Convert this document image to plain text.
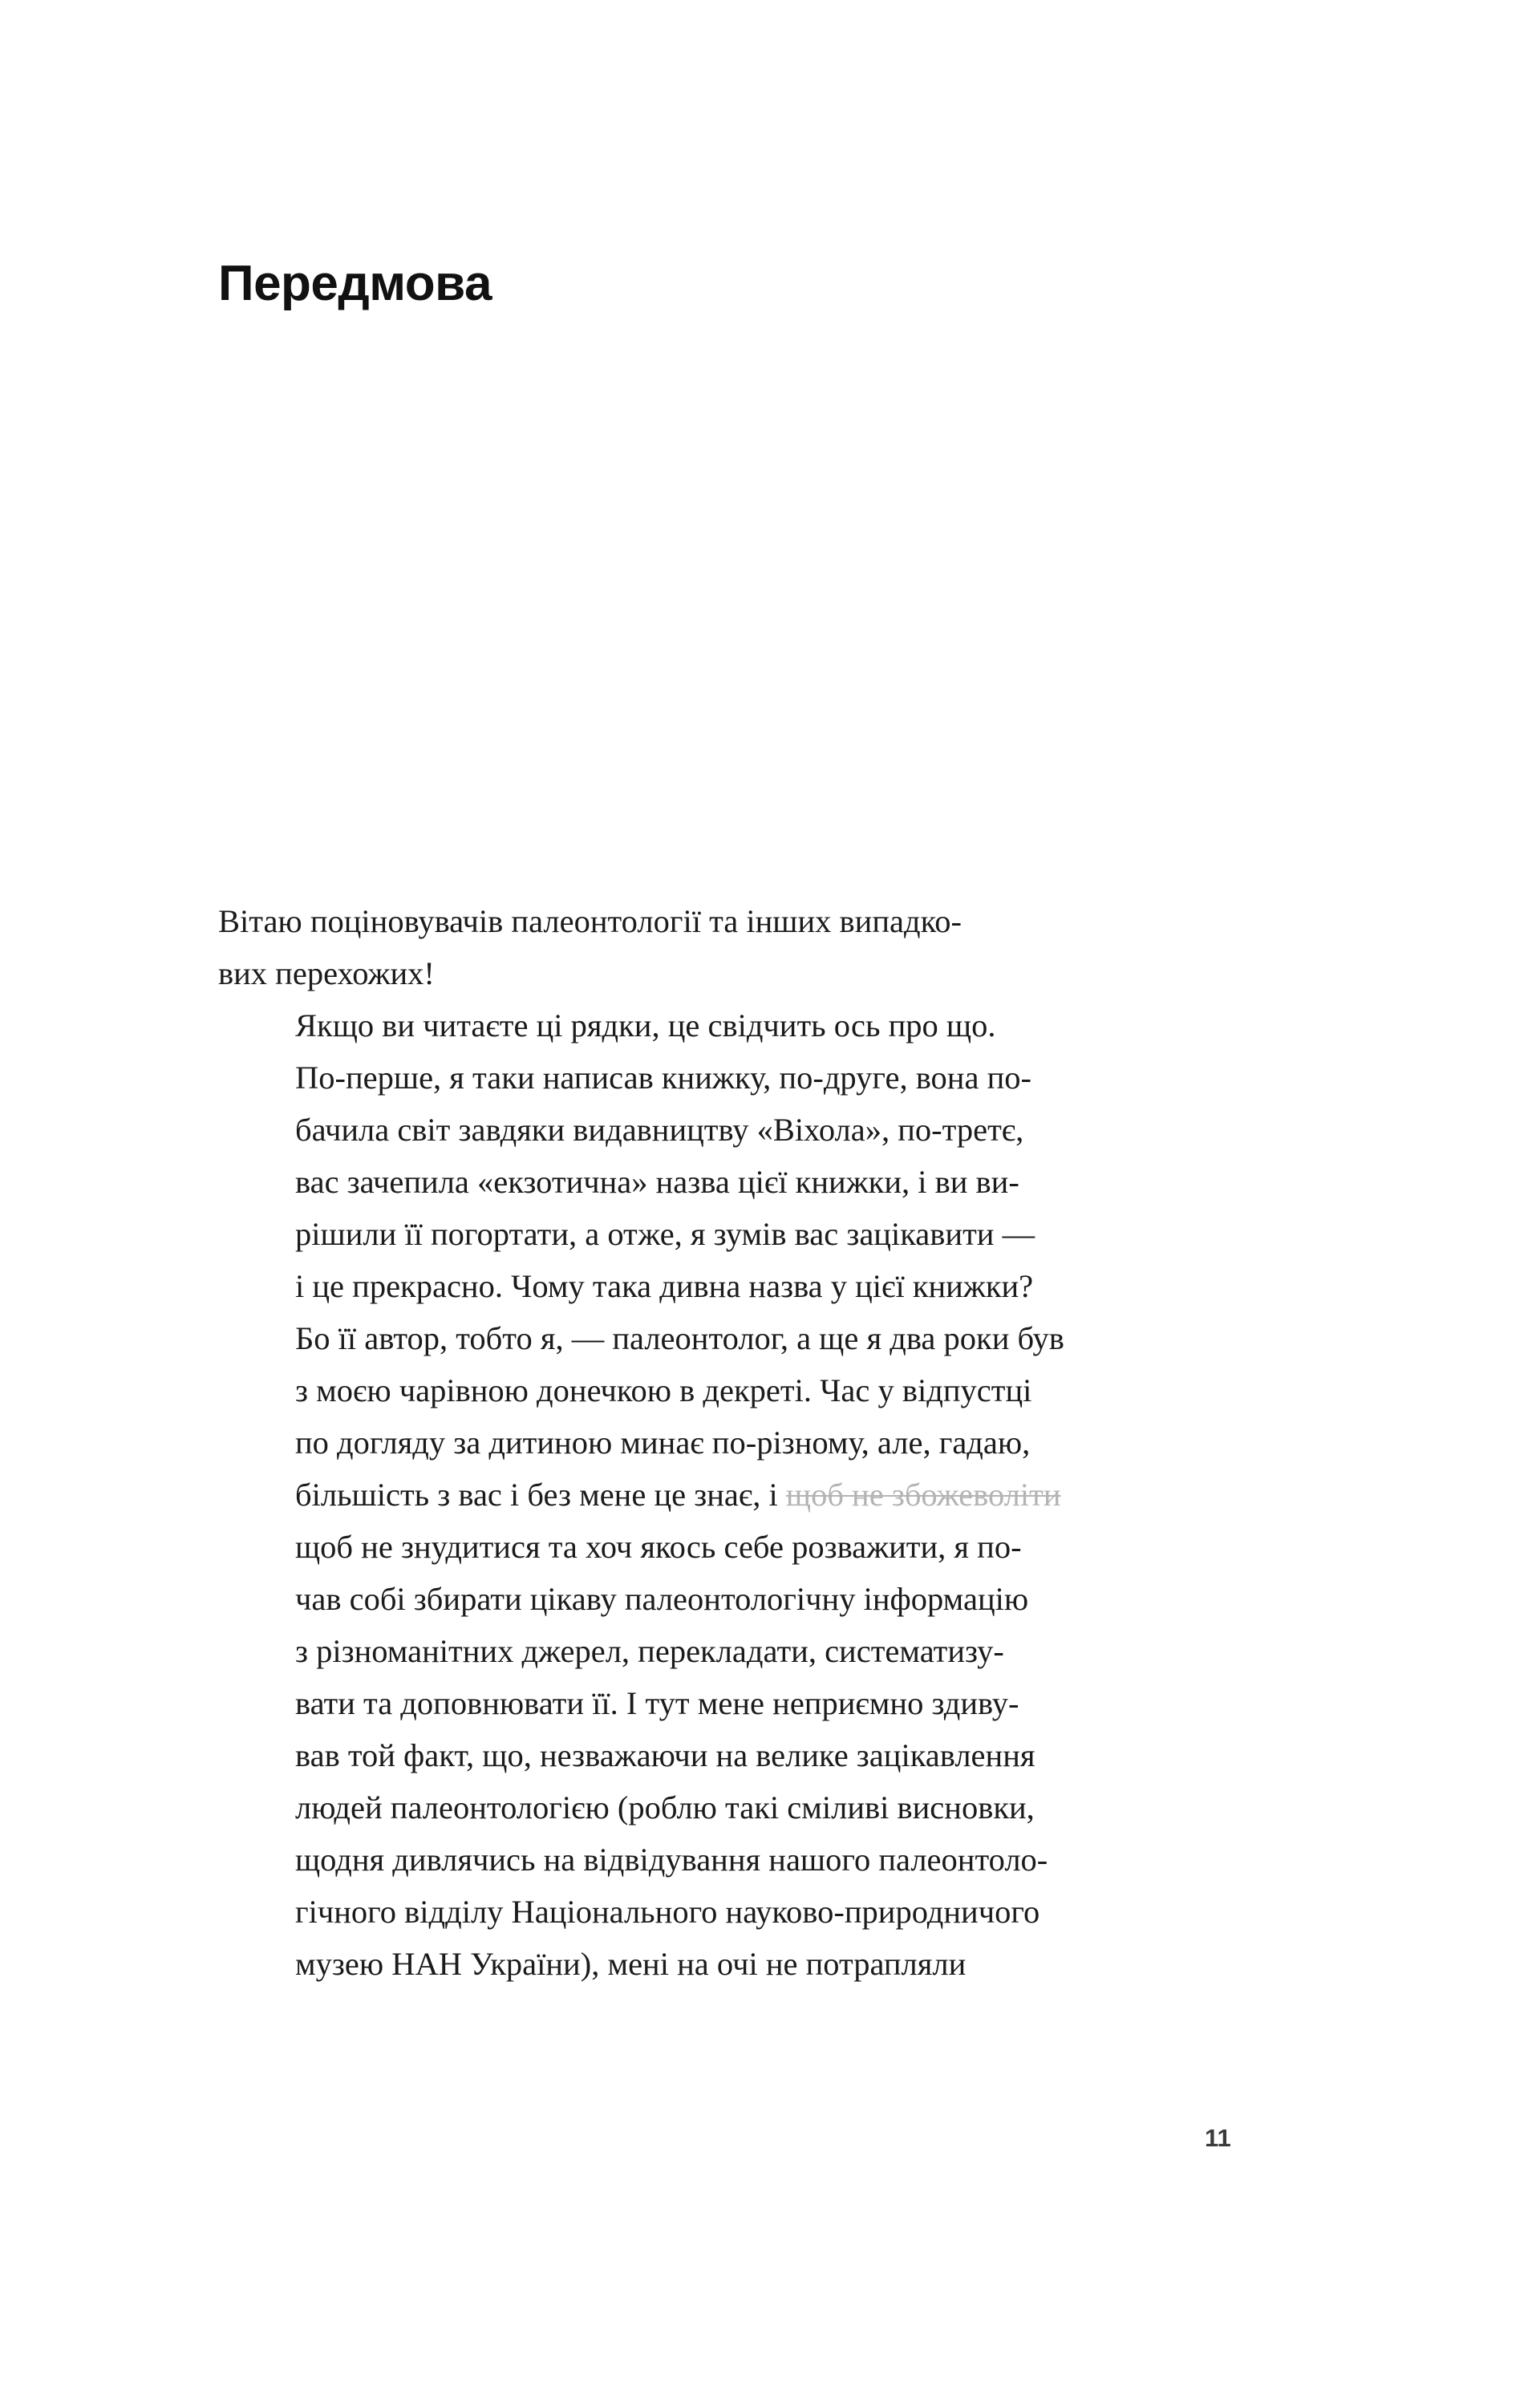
Передмова

Вітаю поціновувачів палеонтології та інших випадко-
вих перехожих!

Якщо ви читаєте ці рядки, це свідчить ось про що.
По-перше, я таки написав книжку, по-друге, вона по-
бачила світ завдяки видавництву «Віхола», по-третє,
вас зачепила «екзотична» назва цієї книжки, і ви ви-
рішили її погортати, а отже, я зумів вас зацікавити —
і це прекрасно. Чому така дивна назва у цієї книжки?
Бо її автор, тобто я, — палеонтолог, а ще я два роки був
з моєю чарівною донечкою в декреті. Час у відпустці
по догляду за дитиною минає по-різному, але, гадаю,
більшість з вас і без мене це знає, і щоб не збожеволіти
щоб не знудитися та хоч якось себе розважити, я по-
чав собі збирати цікаву палеонтологічну інформацію
з різноманітних джерел, перекладати, систематизу-
вати та доповнювати її. І тут мене неприємно здиву-
вав той факт, що, незважаючи на велике зацікавлення
людей палеонтологією (роблю такі сміливі висновки,
щодня дивлячись на відвідування нашого палеонтоло-
гічного відділу Національного науково-природничого
музею НАН України), мені на очі не потрапляли

11
